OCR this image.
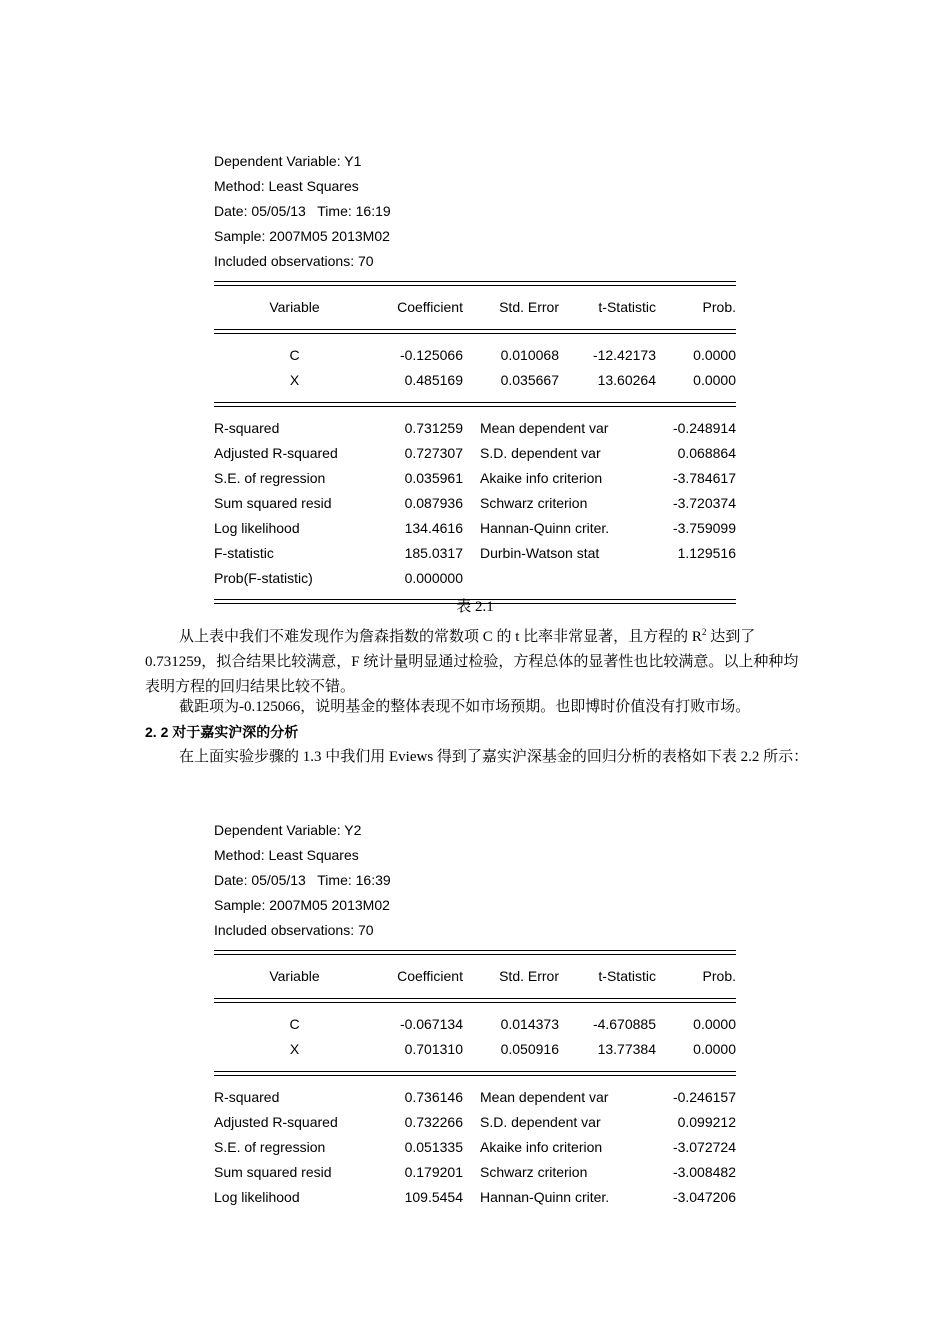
Dependent Variable: Y1
Method: Least Squares
Date: 05/05/13   Time: 16:19
Sample: 2007M05 2013M02
Included observations: 70
Variable	Coefficient	Std. Error	t-Statistic	Prob.
C	-0.125066	0.010068	-12.42173	0.0000
X	0.485169	0.035667	13.60264	0.0000
R-squared	0.731259	Mean dependent var	-0.248914
Adjusted R-squared	0.727307	S.D. dependent var	0.068864
S.E. of regression	0.035961	Akaike info criterion	-3.784617
Sum squared resid	0.087936	Schwarz criterion	-3.720374
Log likelihood	134.4616	Hannan-Quinn criter.	-3.759099
F-statistic	185.0317	Durbin-Watson stat	1.129516
Prob(F-statistic)	0.000000
表 2.1
从上表中我们不难发现作为詹森指数的常数项 C 的 t 比率非常显著，且方程的 $R^2$ 达到了 0.731259，拟合结果比较满意，F 统计量明显通过检验，方程总体的显著性也比较满意。以上种种均表明方程的回归结果比较不错。
截距项为-0.125066，说明基金的整体表现不如市场预期。也即博时价值没有打败市场。
2. 2 对于嘉实沪深的分析
在上面实验步骤的 1.3 中我们用 Eviews 得到了嘉实沪深基金的回归分析的表格如下表 2.2 所示：
Dependent Variable: Y2
Method: Least Squares
Date: 05/05/13   Time: 16:39
Sample: 2007M05 2013M02
Included observations: 70
Variable	Coefficient	Std. Error	t-Statistic	Prob.
C	-0.067134	0.014373	-4.670885	0.0000
X	0.701310	0.050916	13.77384	0.0000
R-squared	0.736146	Mean dependent var	-0.246157
Adjusted R-squared	0.732266	S.D. dependent var	0.099212
S.E. of regression	0.051335	Akaike info criterion	-3.072724
Sum squared resid	0.179201	Schwarz criterion	-3.008482
Log likelihood	109.5454	Hannan-Quinn criter.	-3.047206
